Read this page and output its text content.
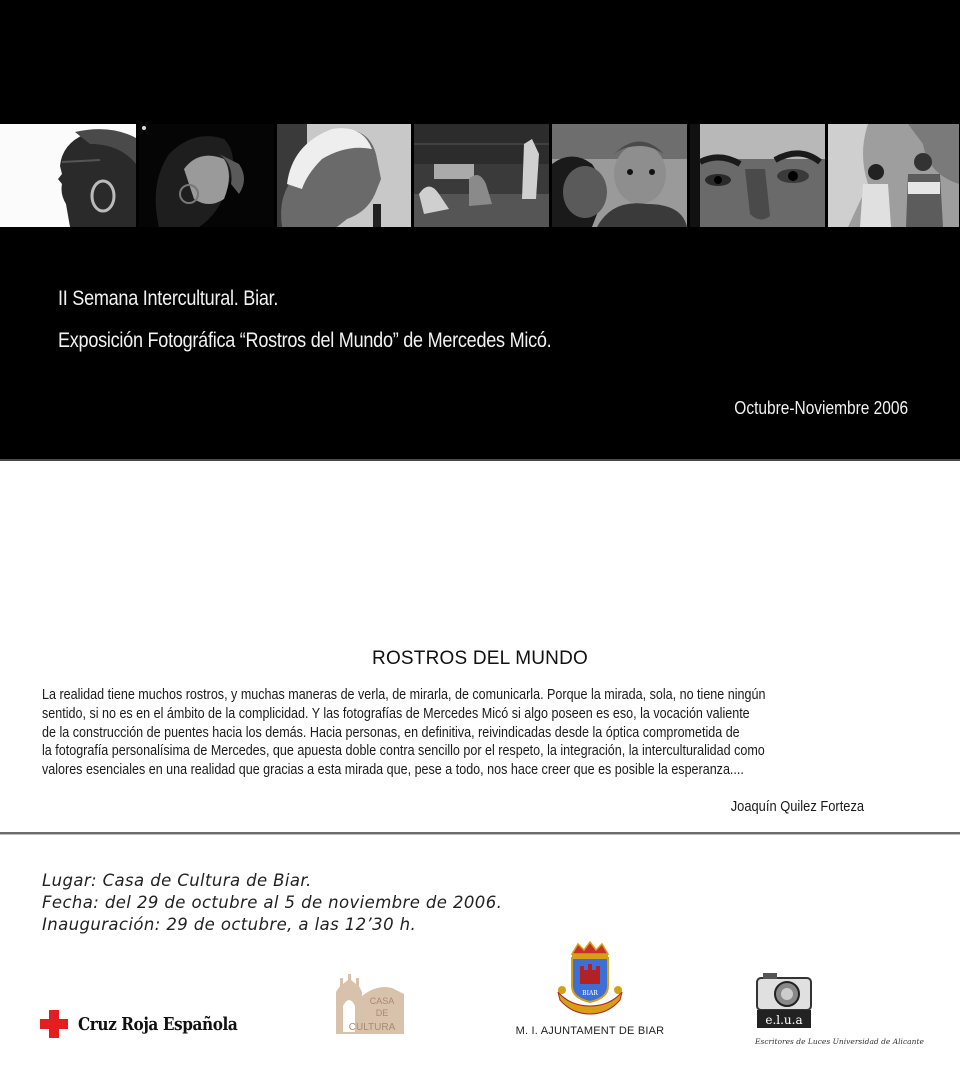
II Semana Intercultural. Biar.
Exposición Fotográfica “Rostros del Mundo” de Mercedes Micó.
Octubre-Noviembre 2006
ROSTROS DEL MUNDO

La realidad tiene muchos rostros, y muchas maneras de verla, de mirarla, de comunicarla. Porque la mirada, sola, no tiene ningún

sentido, si no es en el ámbito de la complicidad. Y las fotografías de Mercedes Micó si algo poseen es eso, la vocación valiente

de la construcción de puentes hacia los demás. Hacia personas, en definitiva, reivindicadas desde la óptica comprometida de

la fotografía personalísima de Mercedes, que apuesta doble contra sencillo por el respeto, la integración, la interculturalidad como

valores esenciales en una realidad que gracias a esta mirada que, pese a todo, nos hace creer que es posible la esperanza....

Joaquín Quilez Forteza
Lugar: Casa de Cultura de Biar.
Fecha: del 29 de octubre al 5 de noviembre de 2006.
Inauguración: 29 de octubre, a las 12’30 h.
Cruz Roja Española
CASA
DE
CULTURA
BIAR
M. I. AJUNTAMENT DE BIAR
e.l.u.a
Escritores de Luces Universidad de Alicante
